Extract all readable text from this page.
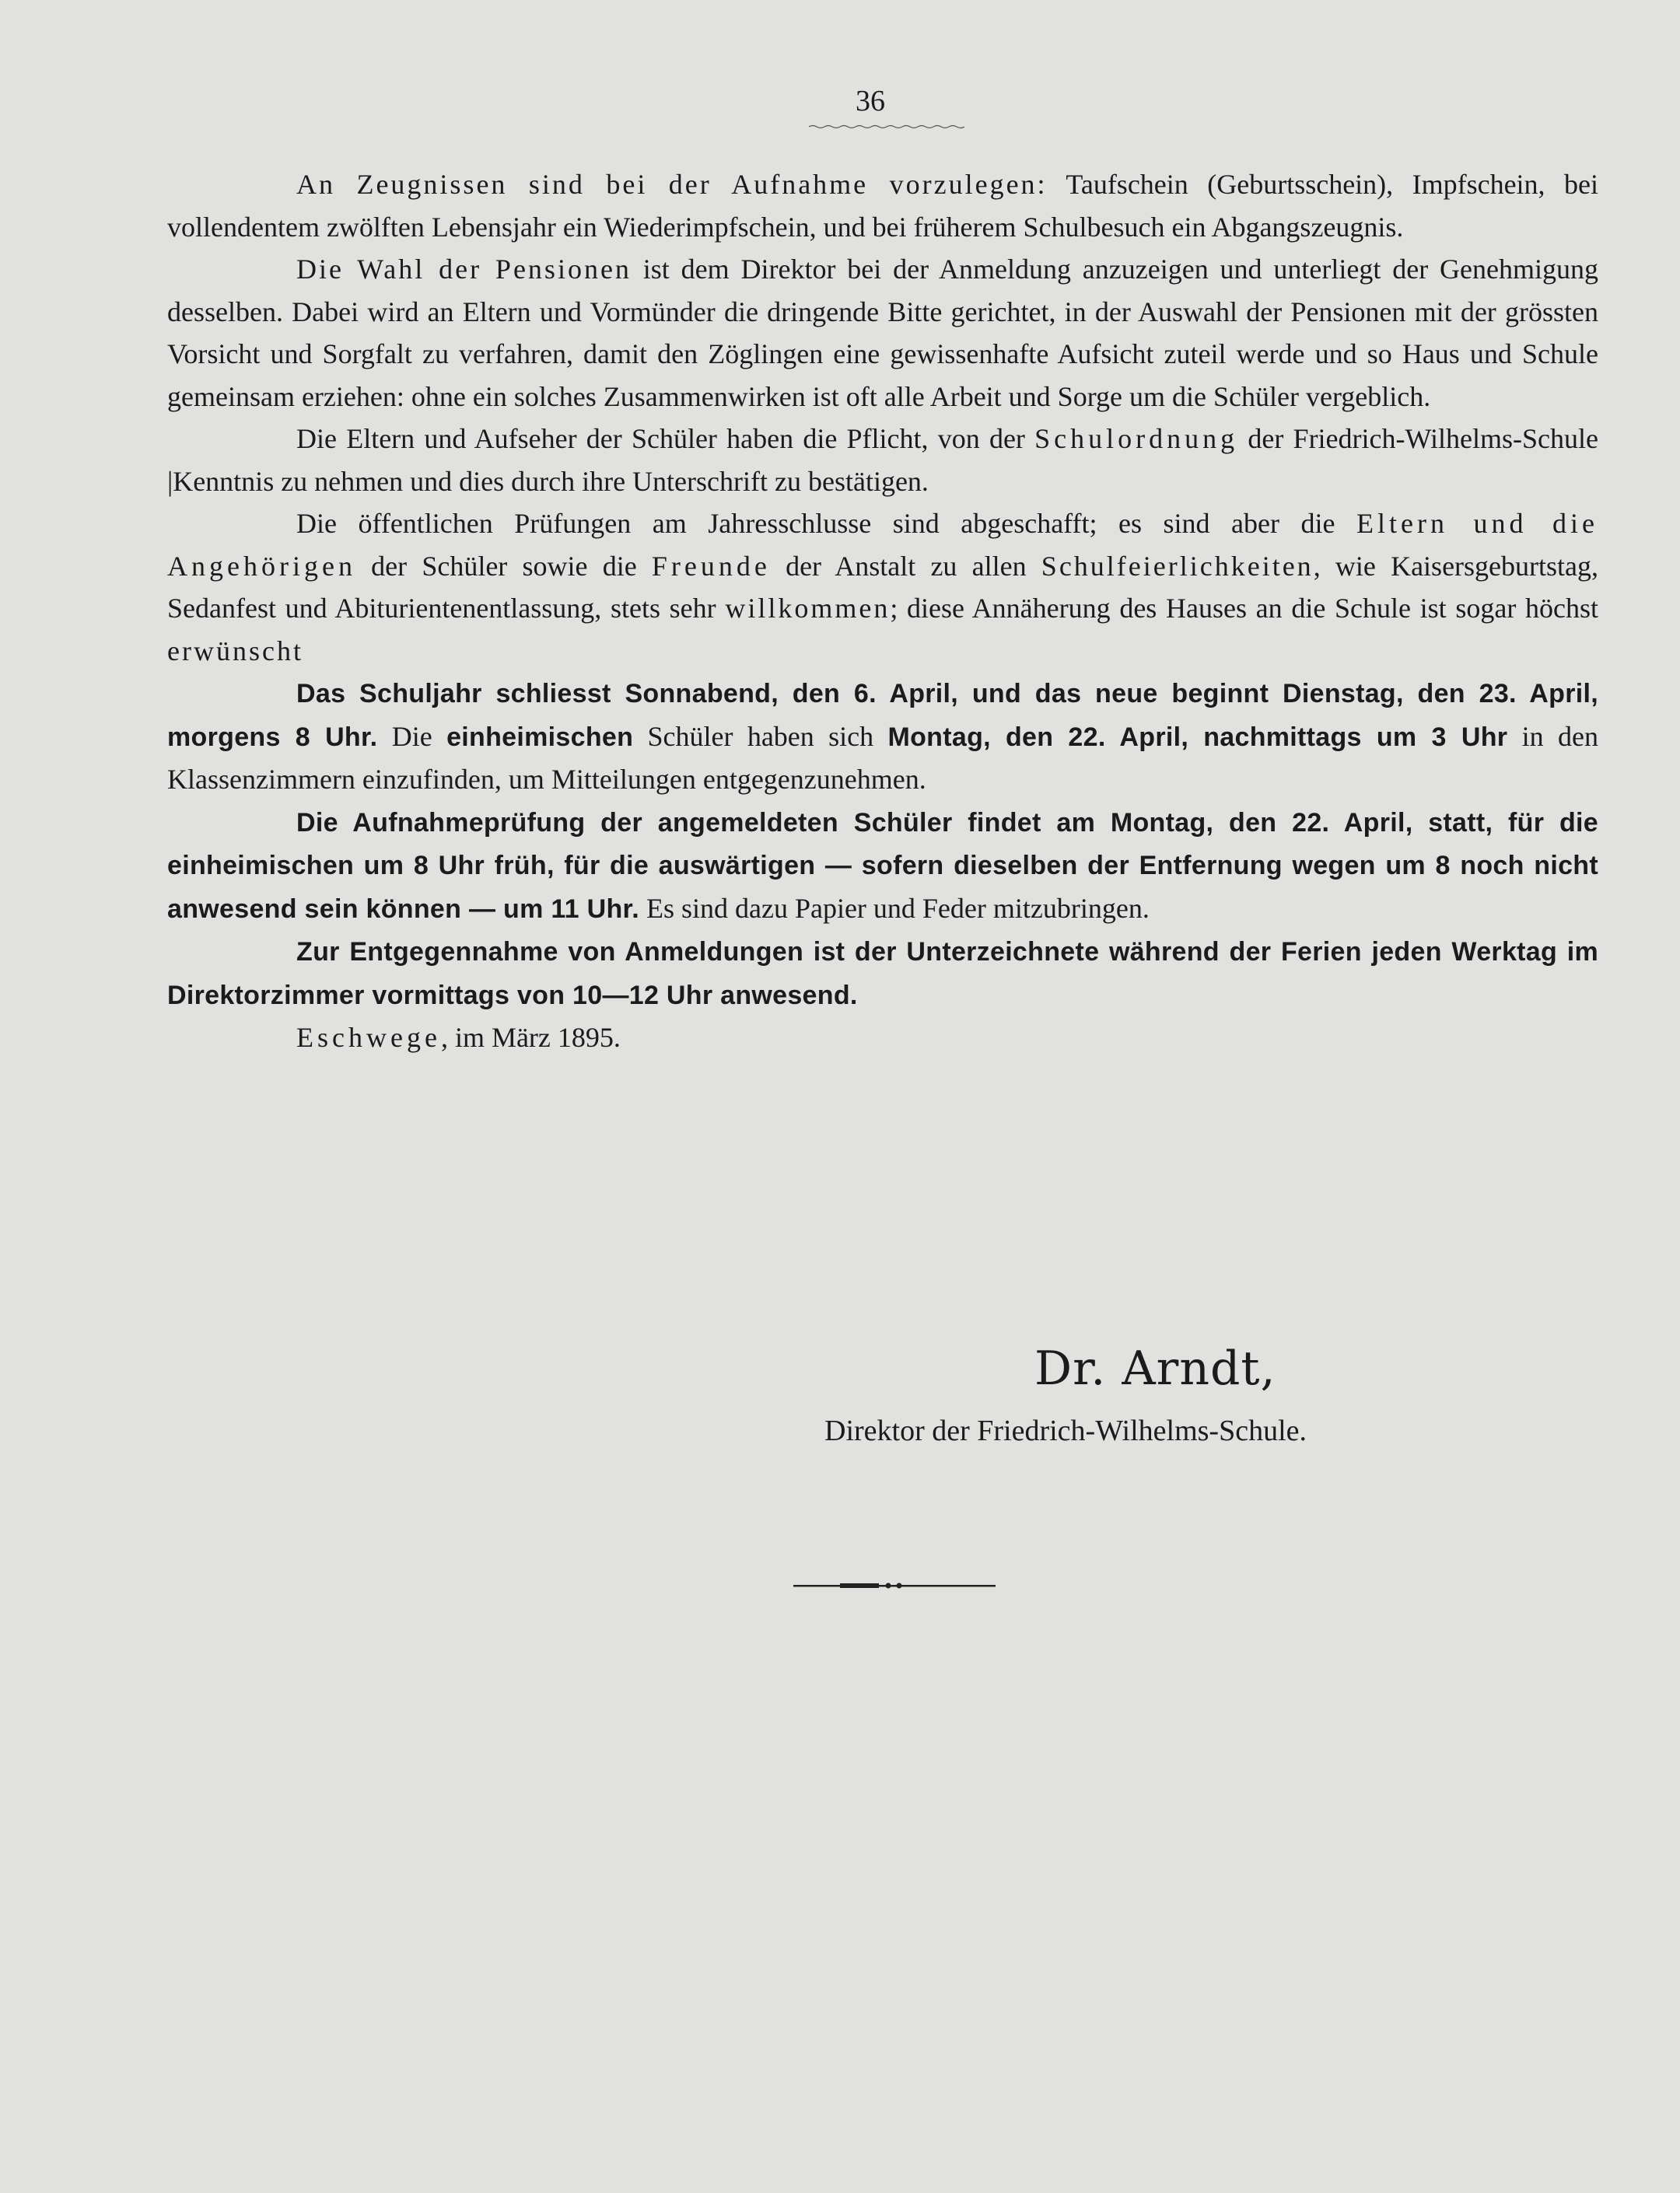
36

An Zeugnissen sind bei der Aufnahme vorzulegen: Taufschein (Geburtsschein), Impfschein, bei vollendentem zwölften Lebensjahr ein Wiederimpfschein, und bei früherem Schulbesuch ein Abgangszeugnis.

Die Wahl der Pensionen ist dem Direktor bei der Anmeldung anzuzeigen und unterliegt der Genehmigung desselben. Dabei wird an Eltern und Vormünder die dringende Bitte gerichtet, in der Auswahl der Pensionen mit der grössten Vorsicht und Sorgfalt zu verfahren, damit den Zöglingen eine gewissenhafte Aufsicht zuteil werde und so Haus und Schule gemeinsam erziehen: ohne ein solches Zusammenwirken ist oft alle Arbeit und Sorge um die Schüler vergeblich.

Die Eltern und Aufseher der Schüler haben die Pflicht, von der Schulordnung der Friedrich-Wilhelms-Schule |Kenntnis zu nehmen und dies durch ihre Unterschrift zu bestätigen.

Die öffentlichen Prüfungen am Jahresschlusse sind abgeschafft; es sind aber die Eltern und die Angehörigen der Schüler sowie die Freunde der Anstalt zu allen Schulfeierlichkeiten, wie Kaisersgeburtstag, Sedanfest und Abiturientenentlassung, stets sehr willkommen; diese Annäherung des Hauses an die Schule ist sogar höchst erwünscht

Das Schuljahr schliesst Sonnabend, den 6. April, und das neue beginnt Dienstag, den 23. April, morgens 8 Uhr. Die einheimischen Schüler haben sich Montag, den 22. April, nachmittags um 3 Uhr in den Klassenzimmern einzufinden, um Mitteilungen entgegenzunehmen.

Die Aufnahmeprüfung der angemeldeten Schüler findet am Montag, den 22. April, statt, für die einheimischen um 8 Uhr früh, für die auswärtigen — sofern dieselben der Entfernung wegen um 8 noch nicht anwesend sein können — um 11 Uhr. Es sind dazu Papier und Feder mitzubringen.

Zur Entgegennahme von Anmeldungen ist der Unterzeichnete während der Ferien jeden Werktag im Direktorzimmer vormittags von 10—12 Uhr anwesend.

Eschwege, im März 1895.

Dr. Arndt,
Direktor der Friedrich-Wilhelms-Schule.
